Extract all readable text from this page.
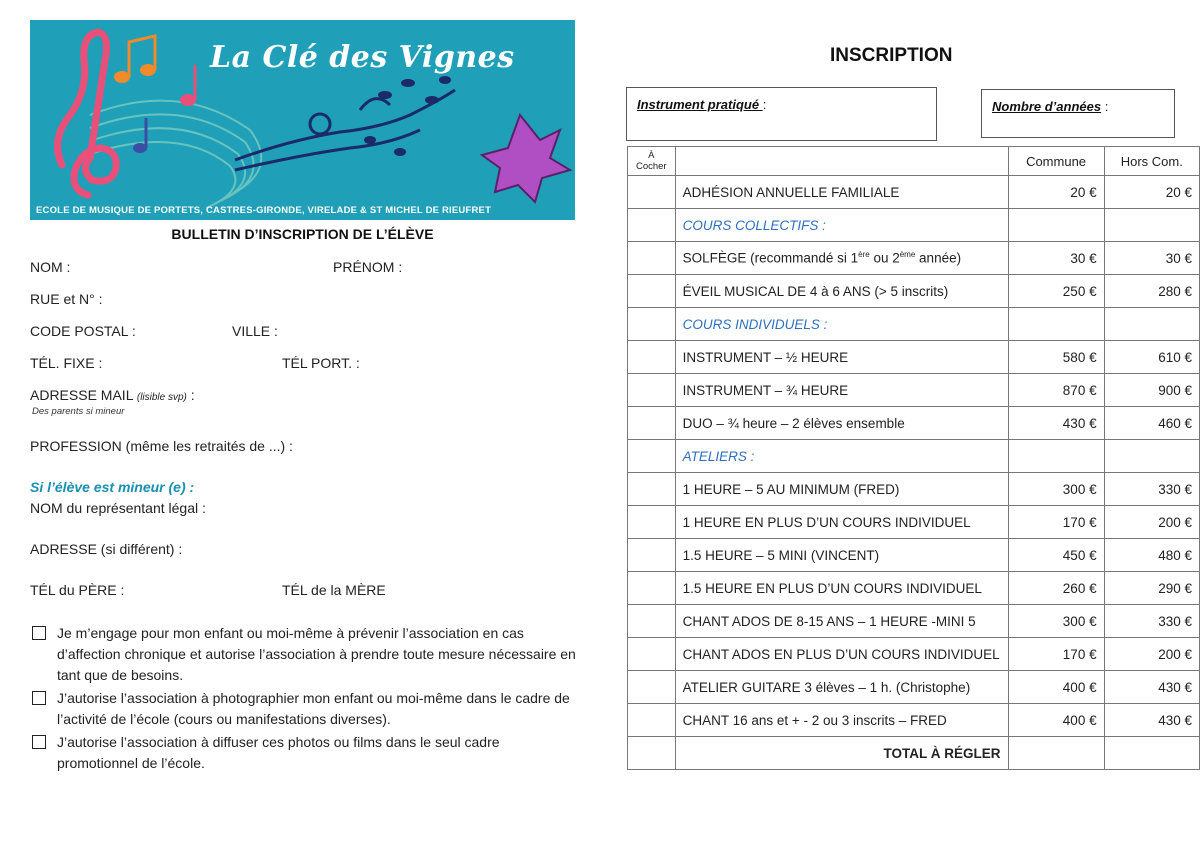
La Clé des Vignes
ECOLE DE MUSIQUE DE PORTETS, CASTRES-GIRONDE, VIRELADE & ST MICHEL DE RIEUFRET
BULLETIN D’INSCRIPTION DE L’ÉLÈVE
NOM :	PRÉNOM :
RUE et N° :
CODE POSTAL :	VILLE :
TÉL. FIXE :	TÉL PORT. :
ADRESSE MAIL (lisible svp) :
Des parents si mineur
PROFESSION (même les retraités de ...) :
Si l’élève est mineur (e) :
NOM du représentant légal :
ADRESSE (si différent) :
TÉL du PÈRE :	TÉL de la MÈRE
Je m’engage pour mon enfant ou moi-même à prévenir l’association en cas d’affection chronique et autorise l’association à prendre toute mesure nécessaire en tant que de besoins.
J’autorise l’association à photographier mon enfant ou moi-même dans le cadre de l’activité de l’école (cours ou manifestations diverses).
J’autorise l’association à diffuser ces photos ou films dans le seul cadre promotionnel de l’école.
INSCRIPTION
Instrument pratiqué :	Nombre d’années :
À
Cocher		Commune	Hors Com.
	ADHÉSION ANNUELLE FAMILIALE	20 €	20 €
	COURS COLLECTIFS :		
	SOLFÈGE (recommandé si 1ère ou 2ème année)	30 €	30 €
	ÉVEIL MUSICAL DE 4 à 6 ANS (> 5 inscrits)	250 €	280 €
	COURS INDIVIDUELS :		
	INSTRUMENT – ½ HEURE	580 €	610 €
	INSTRUMENT – ¾ HEURE	870 €	900 €
	DUO – ¾ heure – 2 élèves ensemble	430 €	460 €
	ATELIERS :		
	1 HEURE – 5 AU MINIMUM (FRED)	300 €	330 €
	1 HEURE EN PLUS D’UN COURS INDIVIDUEL	170 €	200 €
	1.5 HEURE – 5 MINI (VINCENT)	450 €	480 €
	1.5 HEURE EN PLUS D’UN COURS INDIVIDUEL	260 €	290 €
	CHANT ADOS DE 8-15 ANS – 1 HEURE -MINI 5	300 €	330 €
	CHANT ADOS EN PLUS D’UN COURS INDIVIDUEL	170 €	200 €
	ATELIER GUITARE 3 élèves – 1 h. (Christophe)	400 €	430 €
	CHANT 16 ans et + - 2 ou 3 inscrits – FRED	400 €	430 €
	TOTAL À RÉGLER		
